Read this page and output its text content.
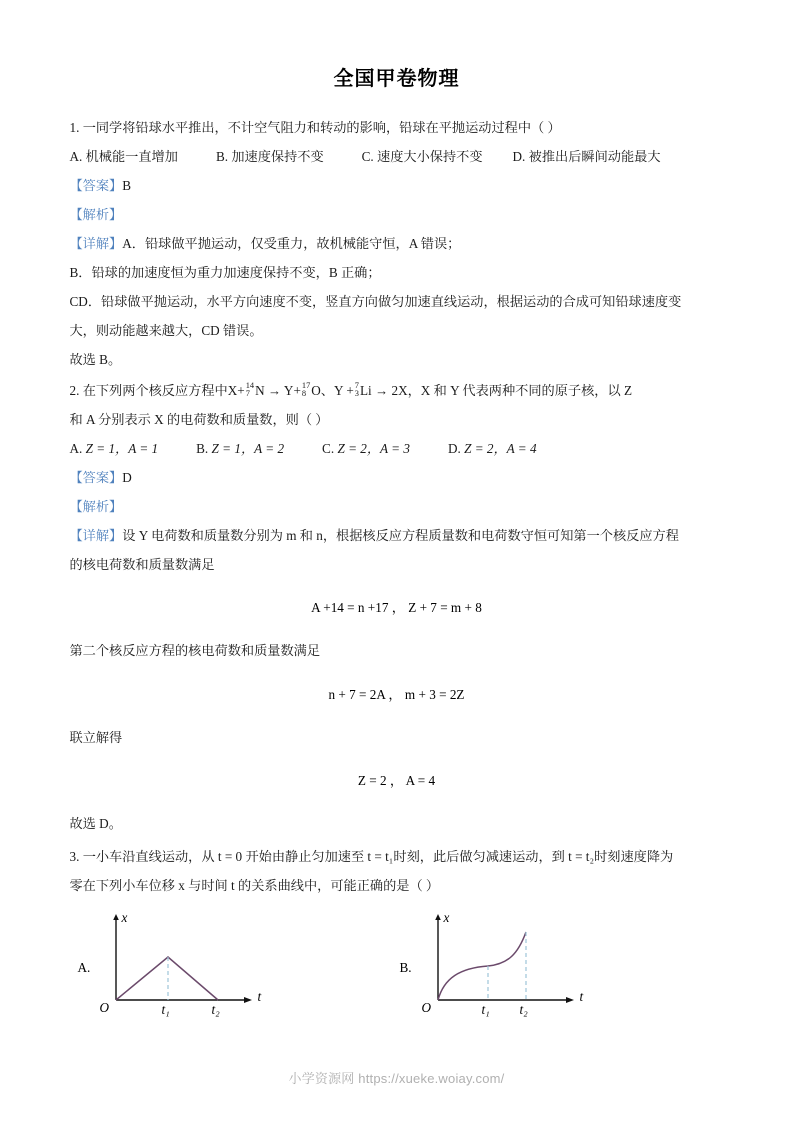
全国甲卷物理

1. 一同学将铅球水平推出，不计空气阻力和转动的影响，铅球在平抛运动过程中（ ）

A. 机械能一直增加	B. 加速度保持不变	C. 速度大小保持不变 D. 被推出后瞬间动能最大

【答案】B

【解析】

【详解】A．铅球做平抛运动，仅受重力，故机械能守恒，A 错误；

B．铅球的加速度恒为重力加速度保持不变，B 正确；

CD．铅球做平抛运动，水平方向速度不变，竖直方向做匀加速直线运动，根据运动的合成可知铅球速度变

大，则动能越来越大，CD 错误。

故选 B。

2. 在下列两个核反应方程中X+ 14
7 N → Y+ 17
8 O、Y + 7
3 Li → 2X，X 和 Y 代表两种不同的原子核，以 Z

和 A 分别表示 X 的电荷数和质量数，则（ ）

A. Z = 1，A = 1	B. Z = 1，A = 2	C. Z = 2，A = 3	D. Z = 2，A = 4

【答案】D

【解析】

【详解】设 Y 电荷数和质量数分别为 m 和 n，根据核反应方程质量数和电荷数守恒可知第一个核反应方程

的核电荷数和质量数满足

A +14 = n +17 ， Z + 7 = m + 8

第二个核反应方程的核电荷数和质量数满足

n + 7 = 2A ， m + 3 = 2Z

联立解得

Z = 2 ， A = 4

故选 D。

3. 一小车沿直线运动，从 t = 0 开始由静止匀加速至 t = t₁时刻，此后做匀减速运动，到 t = t₂时刻速度降为

零在下列小车位移 x 与时间 t 的关系曲线中，可能正确的是（ ）

A.
x
t
O	t₁	t₂
B.
x
t
O	t₁ t₂
小学资源网 https://xueke.woiay.com/
